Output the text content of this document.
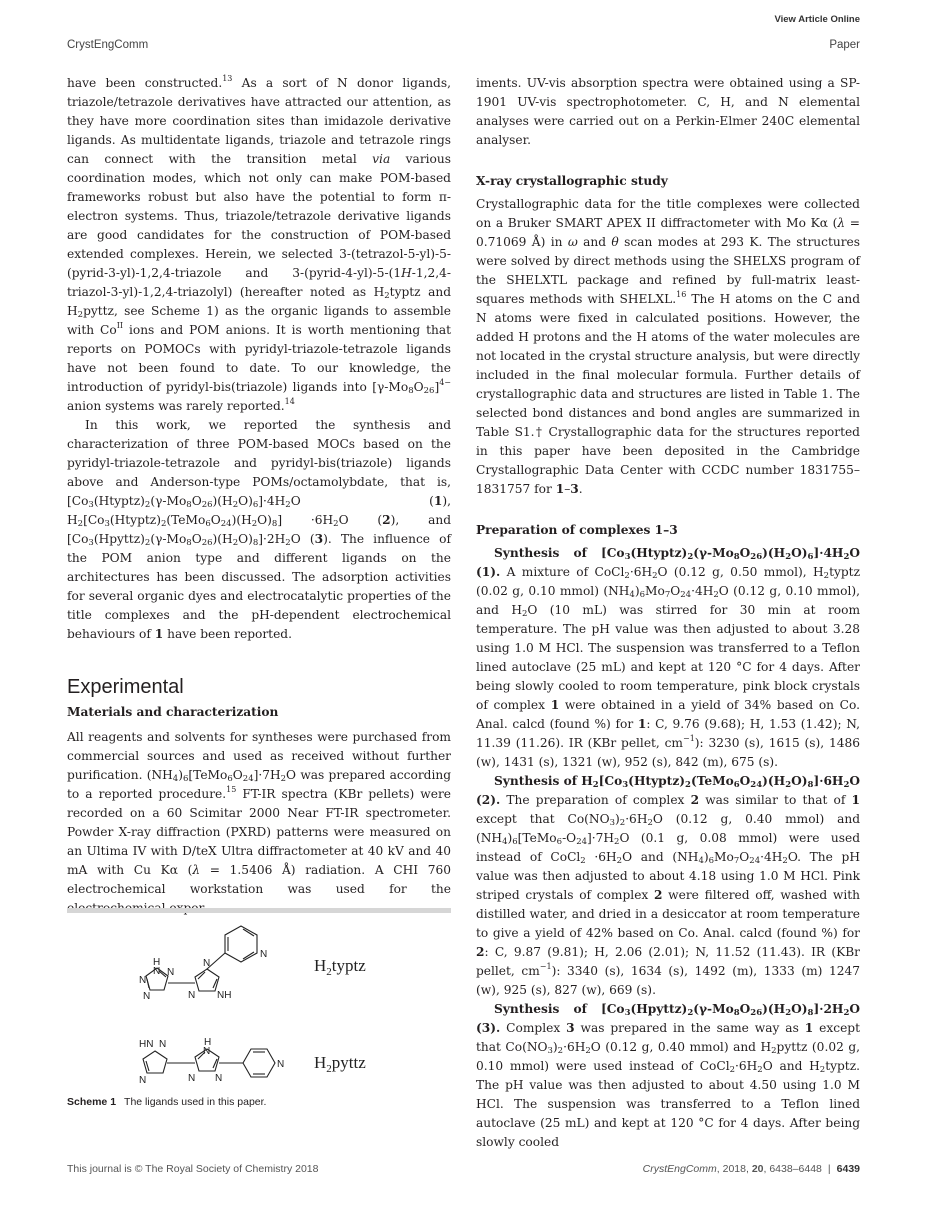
View Article Online
CrystEngComm	Paper

have been constructed.$^{13}$ As a sort of N donor ligands, triazole/tetrazole derivatives have attracted our attention, as they have more coordination sites than imidazole derivative ligands. As multidentate ligands, triazole and tetrazole rings can connect with the transition metal via various coordination modes, which not only can make POM-based frameworks robust but also have the potential to form π-electron systems. Thus, triazole/tetrazole derivative ligands are good candidates for the construction of POM-based extended complexes. Herein, we selected 3-(tetrazol-5-yl)-5-(pyrid-3-yl)-1,2,4-triazole and 3-(pyrid-4-yl)-5-(1H-1,2,4-triazol-3-yl)-1,2,4-triazolyl) (hereafter noted as $H_2typtz$ and $H_2pyttz$, see Scheme 1) as the organic ligands to assemble with $Co^{II}$ ions and POM anions. It is worth mentioning that reports on POMOCs with pyridyl-triazole-tetrazole ligands have not been found to date. To our knowledge, the introduction of pyridyl-bis(triazole) ligands into $[\gamma-Mo_8O_{26}]^{4-}$ anion systems was rarely reported.$^{14}$

In this work, we reported the synthesis and characterization of three POM-based MOCs based on the pyridyl-triazole-tetrazole and pyridyl-bis(triazole) ligands above and Anderson-type POMs/octamolybdate, that is, $[Co_3(Htyptz)_2(\gamma-Mo_8O_{26})(H_2O)_6]\cdot 4H_2O$ (1), $H_2[Co_3(Htyptz)_2(TeMo_6O_{24})(H_2O)_8] \cdot 6H_2O$ (2), and $[Co_3(Hpyttz)_2(\gamma-Mo_8O_{26})(H_2O)_8]\cdot 2H_2O$ (3). The influence of the POM anion type and different ligands on the architectures has been discussed. The adsorption activities for several organic dyes and electrocatalytic properties of the title complexes and the pH-dependent electrochemical behaviours of 1 have been reported.

Experimental
Materials and characterization

All reagents and solvents for syntheses were purchased from commercial sources and used as received without further purification. $(NH_4)_6[TeMo_6O_{24}]\cdot 7H_2O$ was prepared according to a reported procedure.$^{15}$ FT-IR spectra (KBr pellets) were recorded on a 60 Scimitar 2000 Near FT-IR spectrometer. Powder X-ray diffraction (PXRD) patterns were measured on an Ultima IV with D/teX Ultra diffractometer at 40 kV and 40 mA with Cu Kα (λ = 1.5406 Å) radiation. A CHI 760 electrochemical workstation was used for the

H
N N
N
N
N
N NH
N
HN N
N
H
N
N N
N
$H_2typtz$
$H_2pyttz$
Scheme 1 The ligands used in this paper.

iments. UV-vis absorption spectra were obtained using a SP-1901 UV-vis spectrophotometer. C, H, and N elemental analyses were carried out on a Perkin-Elmer 240C elemental analyser.

X-ray crystallographic study

Crystallographic data for the title complexes were collected on a Bruker SMART APEX II diffractometer with Mo Kα (λ = 0.71069 Å) in ω and θ scan modes at 293 K. The structures were solved by direct methods using the SHELXS program of the SHELXTL package and refined by full-matrix least-squares methods with SHELXL.$^{16}$ The H atoms on the C and N atoms were fixed in calculated positions. However, the added H protons and the H atoms of the water molecules are not located in the crystal structure analysis, but were directly included in the final molecular formula. Further details of crystallographic data and structures are listed in Table 1. The selected bond distances and bond angles are summarized in Table S1.† Crystallographic data for the structures reported in this paper have been deposited in the Cambridge Crystallographic Data Center with CCDC number 1831755–1831757 for 1–3.

Preparation of complexes 1–3

Synthesis of $[Co_3(Htyptz)_2(\gamma-Mo_8O_{26})(H_2O)_6]\cdot 4H_2O$ (1). A mixture of $CoCl_2\cdot 6H_2O$ (0.12 g, 0.50 mmol), $H_2typtz$ (0.02 g, 0.10 mmol) $(NH_4)_6Mo_7O_{24}\cdot 4H_2O$ (0.12 g, 0.10 mmol), and $H_2O$ (10 mL) was stirred for 30 min at room temperature. The pH value was then adjusted to about 3.28 using 1.0 M HCl. The suspension was transferred to a Teflon lined autoclave (25 mL) and kept at 120 °C for 4 days. After being slowly cooled to room temperature, pink block crystals of complex 1 were obtained in a yield of 34% based on Co. Anal. calcd (found %) for 1: C, 9.76 (9.68); H, 1.53 (1.42); N, 11.39 (11.26). IR (KBr pellet, $cm^{-1}$): 3230 (s), 1615 (s), 1486 (w), 1431 (s), 1321 (w), 952 (s), 842 (m), 675 (s).

Synthesis of $H_2[Co_3(Htyptz)_2(TeMo_6O_{24})(H_2O)_8]\cdot 6H_2O$ (2). The preparation of complex 2 was similar to that of 1 except that $Co(NO_3)_2\cdot 6H_2O$ (0.12 g, 0.40 mmol) and $(NH_4)_6[TeMo_6-O_{24}]\cdot 7H_2O$ (0.1 g, 0.08 mmol) were used instead of CoCl$_2$ $\cdot 6H_2O$ and $(NH_4)_6Mo_7O_{24}\cdot 4H_2O$. The pH value was then adjusted to about 4.18 using 1.0 M HCl. Pink striped crystals of complex 2 were filtered off, washed with distilled water, and dried in a desiccator at room temperature to give a yield of 42% based on Co. Anal. calcd (found %) for 2: C, 9.87 (9.81); H, 2.06 (2.01); N, 11.52 (11.43). IR (KBr pellet, $cm^{-1}$): 3340 (s), 1634 (s), 1492 (m), 1333 (m) 1247 (w), 925 (s), 827 (w), 669 (s).

Synthesis of $[Co_3(Hpyttz)_2(\gamma-Mo_8O_{26})(H_2O)_8]\cdot 2H_2O$ (3). Complex 3 was prepared in the same way as 1 except that $Co(NO_3)_2\cdot 6H_2O$ (0.12 g, 0.40 mmol) and $H_2pyttz$ (0.02 g, 0.10 mmol) were used instead of $CoCl_2\cdot 6H_2O$ and $H_2typtz$. The pH value was then adjusted to about 4.50 using 1.0 M HCl. The suspension was transferred to a Teflon lined autoclave (25 mL) and kept at 120 °C for 4 days. After being slowly cooled

This journal is © The Royal Society of Chemistry 2018	CrystEngComm, 2018, 20, 6438–6448 | 6439
